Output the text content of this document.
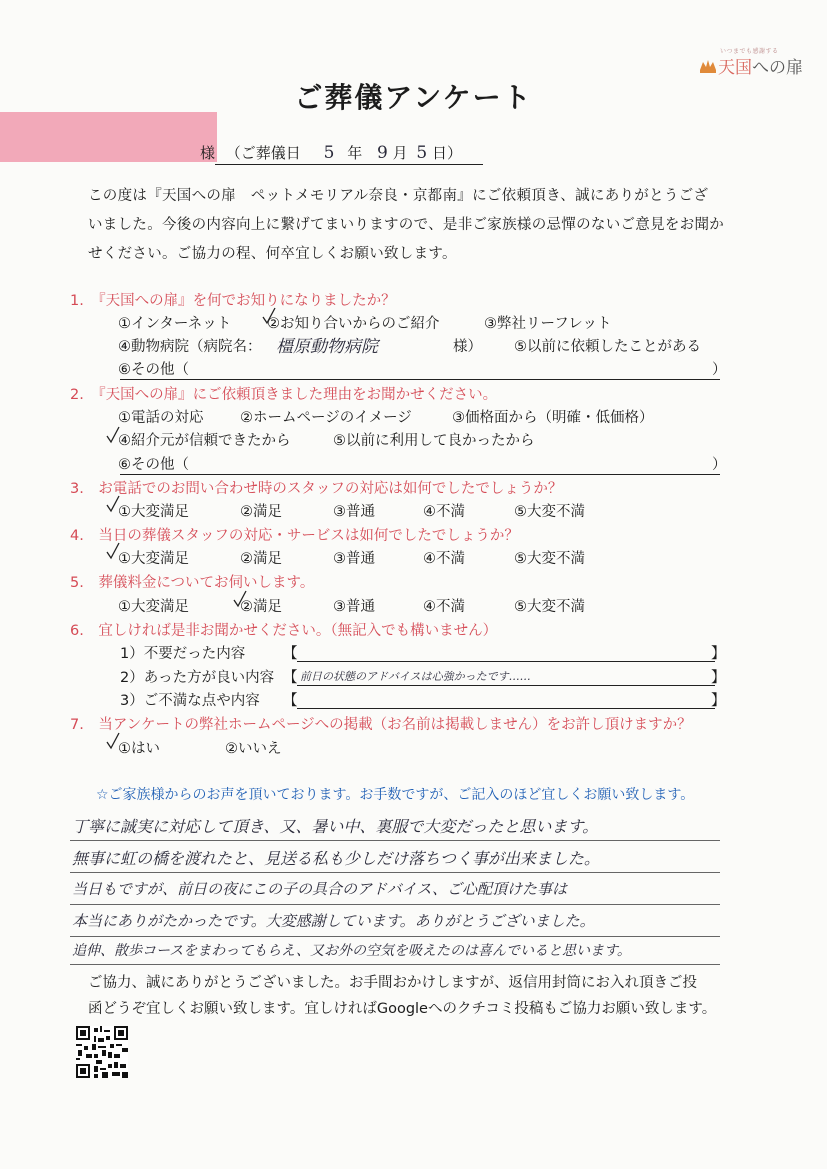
いつまでも感謝する
天国への扉
ご葬儀アンケート
様 （ご葬儀日 5 年 9 月 5 日）
この度は『天国への扉　ペットメモリアル奈良・京都南』にご依頼頂き、誠にありがとうござ
いました。今後の内容向上に繋げてまいりますので、是非ご家族様の忌憚のないご意見をお聞か
せください。ご協力の程、何卒宜しくお願い致します。
1.　『天国への扉』を何でお知りになりましたか？
①インターネット ②お知り合いからのご紹介	③弊社リーフレット
④動物病院（病院名： 橿原動物病院	様） ⑤以前に依頼したことがある
⑥その他（	）
2.　『天国への扉』にご依頼頂きました理由をお聞かせください。
①電話の対応	②ホームページのイメージ	③価格面から（明確・低価格）
④紹介元が信頼できたから	⑤以前に利用して良かったから
⑥その他（	）
3.　お電話でのお問い合わせ時のスタッフの対応は如何でしたでしょうか？
①大変満足	②満足	③普通	④不満	⑤大変不満
4.　当日の葬儀スタッフの対応・サービスは如何でしたでしょうか？
①大変満足	②満足	③普通	④不満	⑤大変不満
5.　葬儀料金についてお伺いします。
①大変満足	②満足	③普通	④不満	⑤大変不満
6.　宜しければ是非お聞かせください。（無記入でも構いません）
1）不要だった内容	【	】
2）あった方が良い内容 【 前日の状態のアドバイスは心強かったです……	】
3）ご不満な点や内容 【	】
7.　当アンケートの弊社ホームページへの掲載（お名前は掲載しません）をお許し頂けますか？
①はい	②いいえ
☆ご家族様からのお声を頂いております。お手数ですが、ご記入のほど宜しくお願い致します。
丁寧に誠実に対応して頂き、又、暑い中、裏服で大変だったと思います。
無事に虹の橋を渡れたと、見送る私も少しだけ落ちつく事が出来ました。
当日もですが、前日の夜にこの子の具合のアドバイス、ご心配頂けた事は
本当にありがたかったです。大変感謝しています。ありがとうございました。
追伸、散歩コースをまわってもらえ、又お外の空気を吸えたのは喜んでいると思います。
ご協力、誠にありがとうございました。お手間おかけしますが、返信用封筒にお入れ頂きご投
函どうぞ宜しくお願い致します。宜しければGoogleへのクチコミ投稿もご協力お願い致します。
